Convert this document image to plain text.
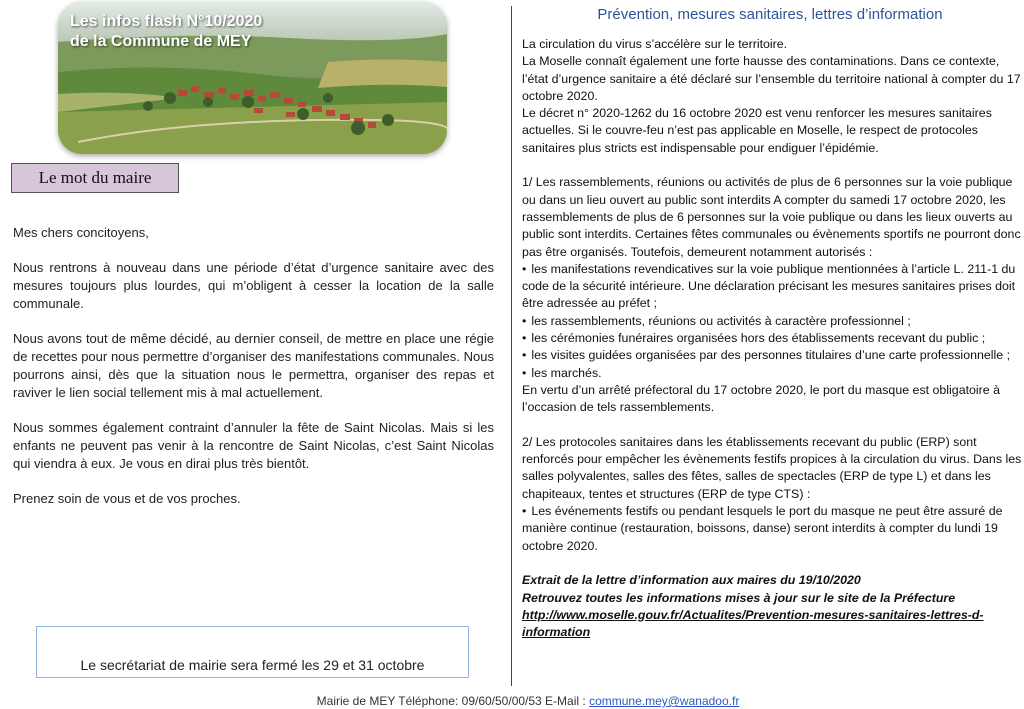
Les infos flash N°10/2020
de la Commune de MEY

Le mot du maire

Mes chers concitoyens,

Nous rentrons à nouveau dans une période d’état d’urgence sanitaire avec des mesures toujours plus lourdes, qui m’obligent à cesser la location de la salle communale.

Nous avons tout de même décidé, au dernier conseil, de mettre en place une régie de recettes pour nous permettre d’organiser des manifestations communales. Nous pourrons ainsi, dès que la situation nous le permettra, organiser des repas et raviver le lien social tellement mis à mal actuellement.

Nous sommes également contraint d’annuler la fête de Saint Nicolas. Mais si les enfants ne peuvent pas venir à la rencontre de Saint Nicolas, c’est Saint Nicolas qui viendra à eux. Je vous en dirai plus très bientôt.

Prenez soin de vous et de vos proches.

Le secrétariat de mairie sera fermé les 29 et 31 octobre
Prévention, mesures sanitaires, lettres d’information

La circulation du virus s’accélère sur le territoire.

La Moselle connaît également une forte hausse des contaminations. Dans ce contexte, l’état d’urgence sanitaire a été déclaré sur l’ensemble du territoire national à compter du 17 octobre 2020.

Le décret n° 2020-1262 du 16 octobre 2020 est venu renforcer les mesures sanitaires actuelles. Si le couvre-feu n’est pas applicable en Moselle, le respect de protocoles sanitaires plus stricts est indispensable pour endiguer l’épidémie.

1/ Les rassemblements, réunions ou activités de plus de 6 personnes sur la voie publique ou dans un lieu ouvert au public sont interdits A compter du samedi 17 octobre 2020, les rassemblements de plus de 6 personnes sur la voie publique ou dans les lieux ouverts au public sont interdits. Certaines fêtes communales ou évènements sportifs ne pourront donc pas être organisés. Toutefois, demeurent notamment autorisés :

• les manifestations revendicatives sur la voie publique mentionnées à l’article L. 211-1 du code de la sécurité intérieure. Une déclaration précisant les mesures sanitaires prises doit être adressée au préfet ;
• les rassemblements, réunions ou activités à caractère professionnel ;
• les cérémonies funéraires organisées hors des établissements recevant du public ;
• les visites guidées organisées par des personnes titulaires d’une carte professionnelle ;
• les marchés.

En vertu d’un arrêté préfectoral du 17 octobre 2020, le port du masque est obligatoire à l’occasion de tels rassemblements.

2/ Les protocoles sanitaires dans les établissements recevant du public (ERP) sont renforcés pour empêcher les évènements festifs propices à la circulation du virus. Dans les salles polyvalentes, salles des fêtes, salles de spectacles (ERP de type L) et dans les chapiteaux, tentes et structures (ERP de type CTS) :

• Les événements festifs ou pendant lesquels le port du masque ne peut être assuré de manière continue (restauration, boissons, danse) seront interdits à compter du lundi 19 octobre 2020.

Extrait de la lettre d’information aux maires du 19/10/2020

Retrouvez toutes les informations mises à jour sur le site de la Préfecture

http://www.moselle.gouv.fr/Actualites/Prevention-mesures-sanitaires-lettres-d-information

Mairie de MEY Téléphone: 09/60/50/00/53 E-Mail : commune.mey@wanadoo.fr
